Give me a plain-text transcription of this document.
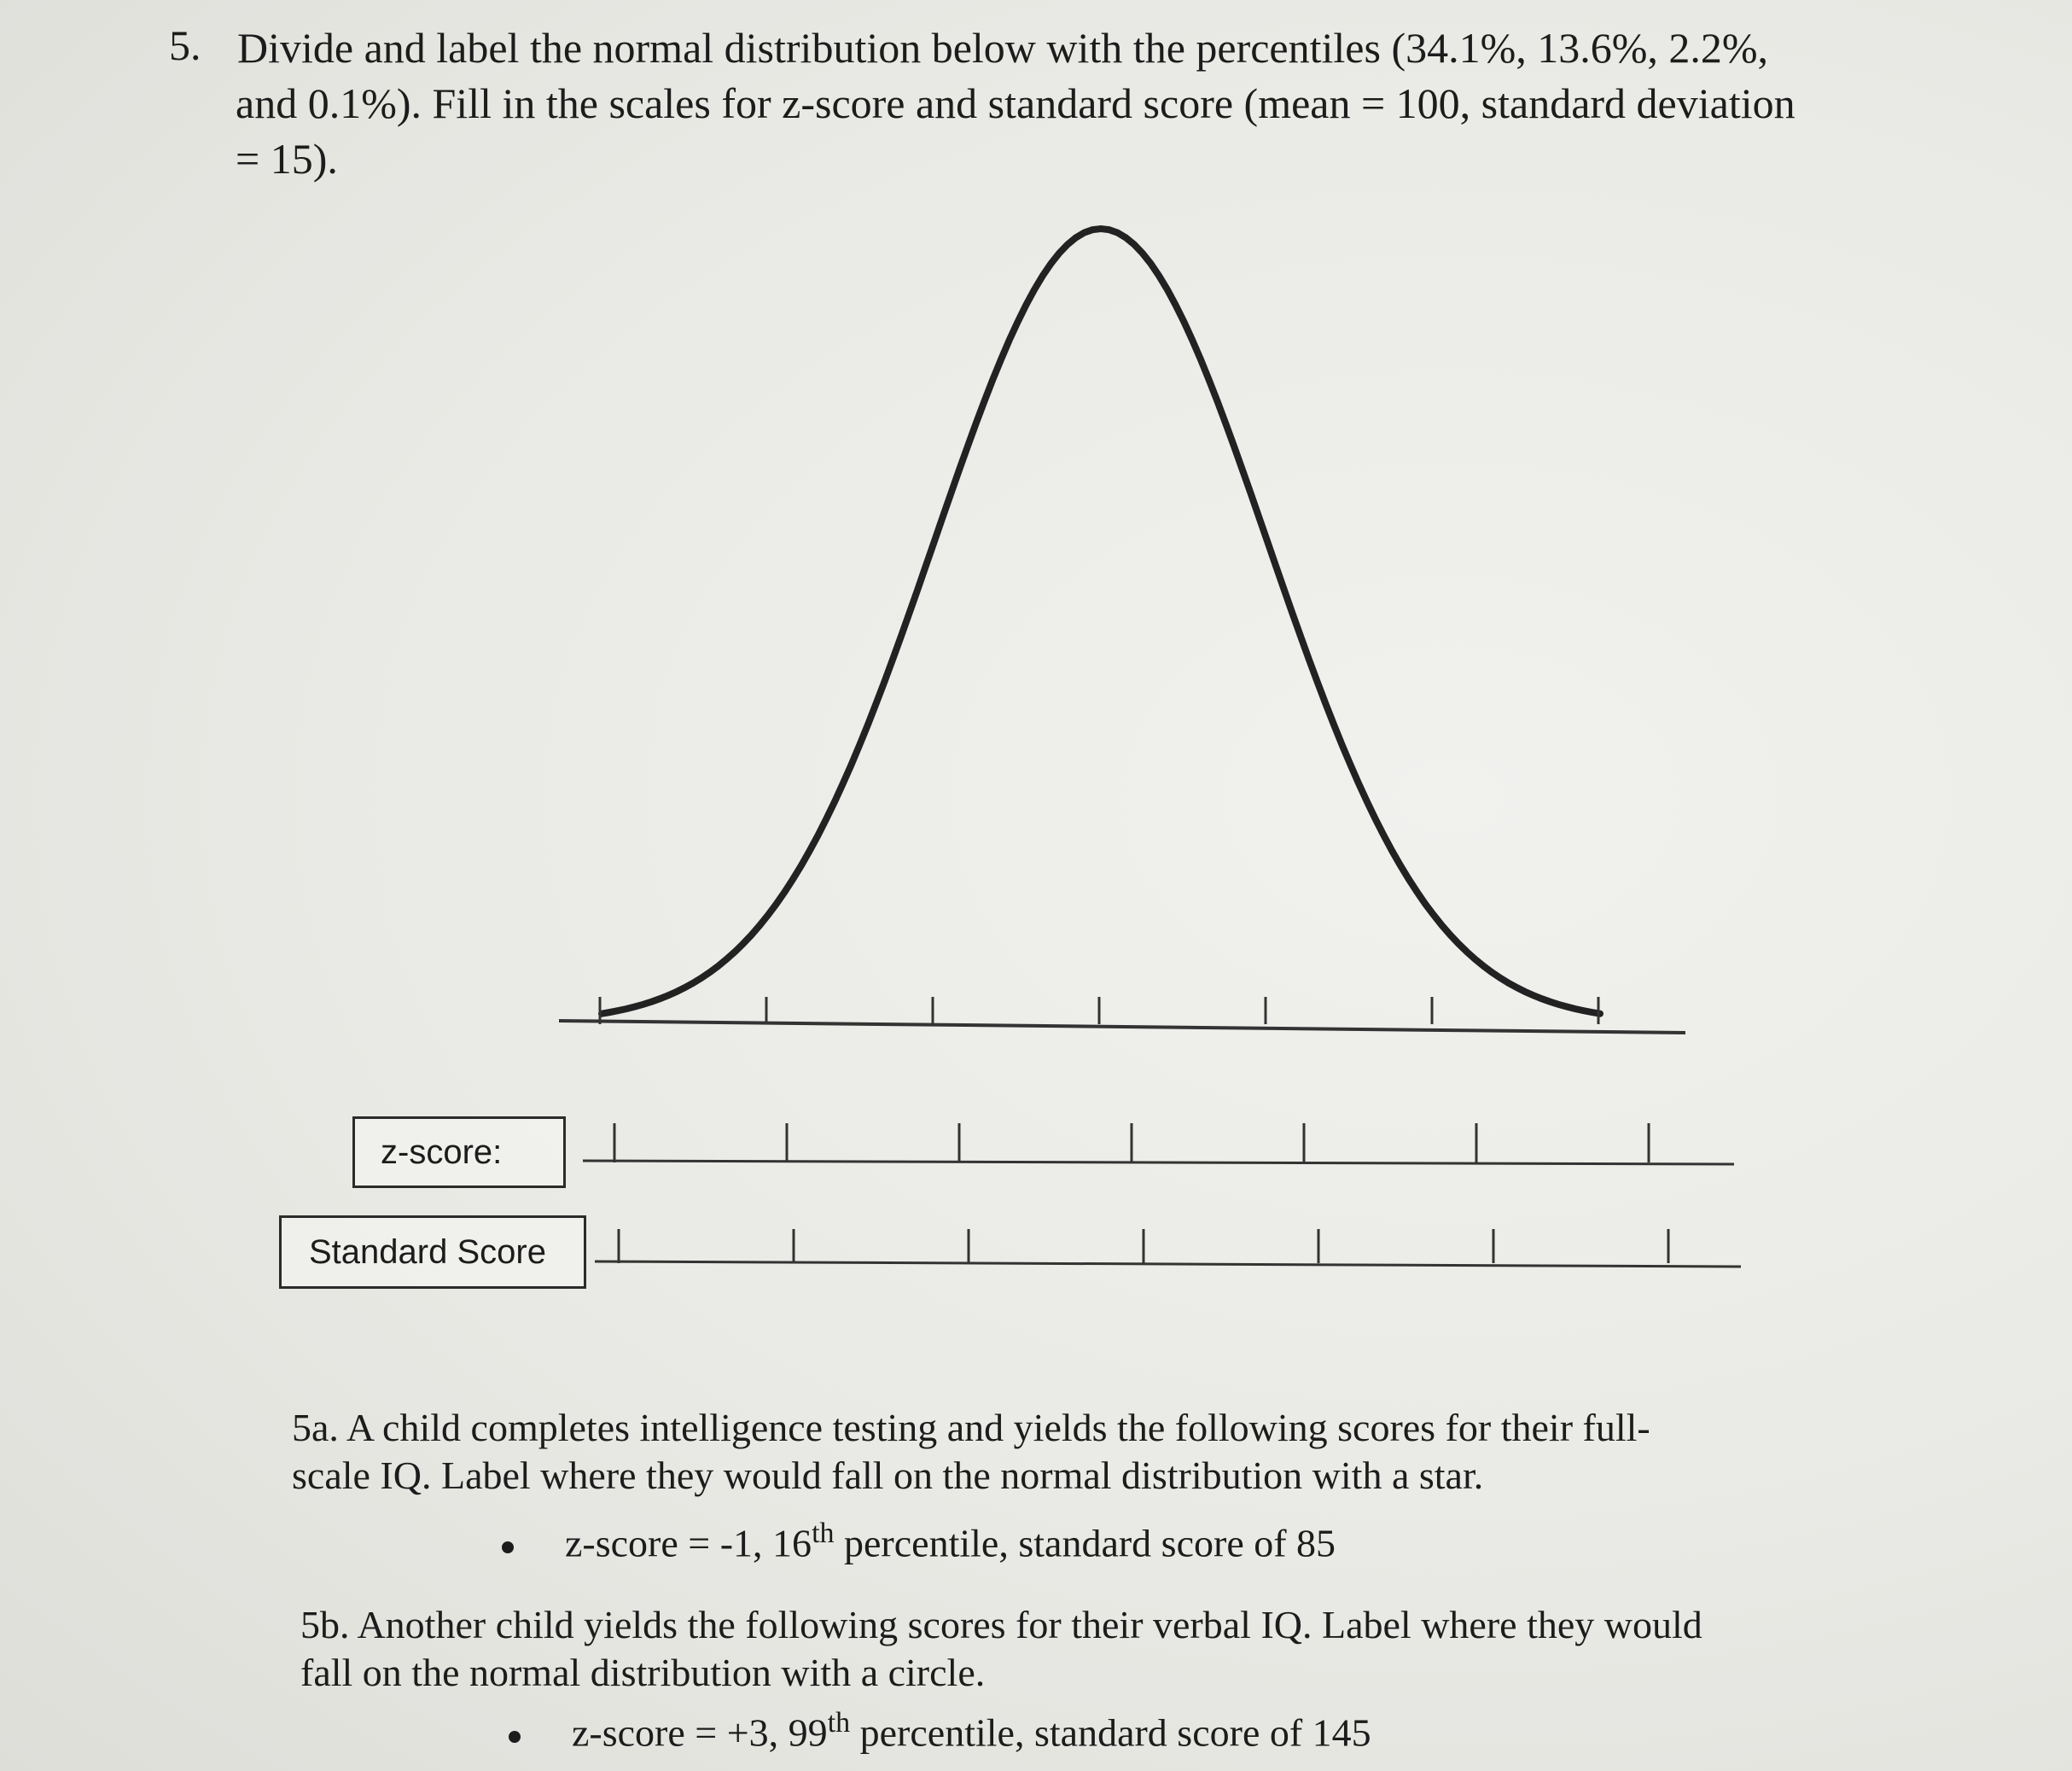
5. Divide and label the normal distribution below with the percentiles (34.1%, 13.6%, 2.2%,
and 0.1%). Fill in the scales for z-score and standard score (mean = 100, standard deviation
= 15).
z-score:
Standard Score
5a. A child completes intelligence testing and yields the following scores for their full-
scale IQ. Label where they would fall on the normal distribution with a star.
z-score = -1, 16th percentile, standard score of 85
5b. Another child yields the following scores for their verbal IQ. Label where they would
fall on the normal distribution with a circle.
z-score = +3, 99th percentile, standard score of 145
